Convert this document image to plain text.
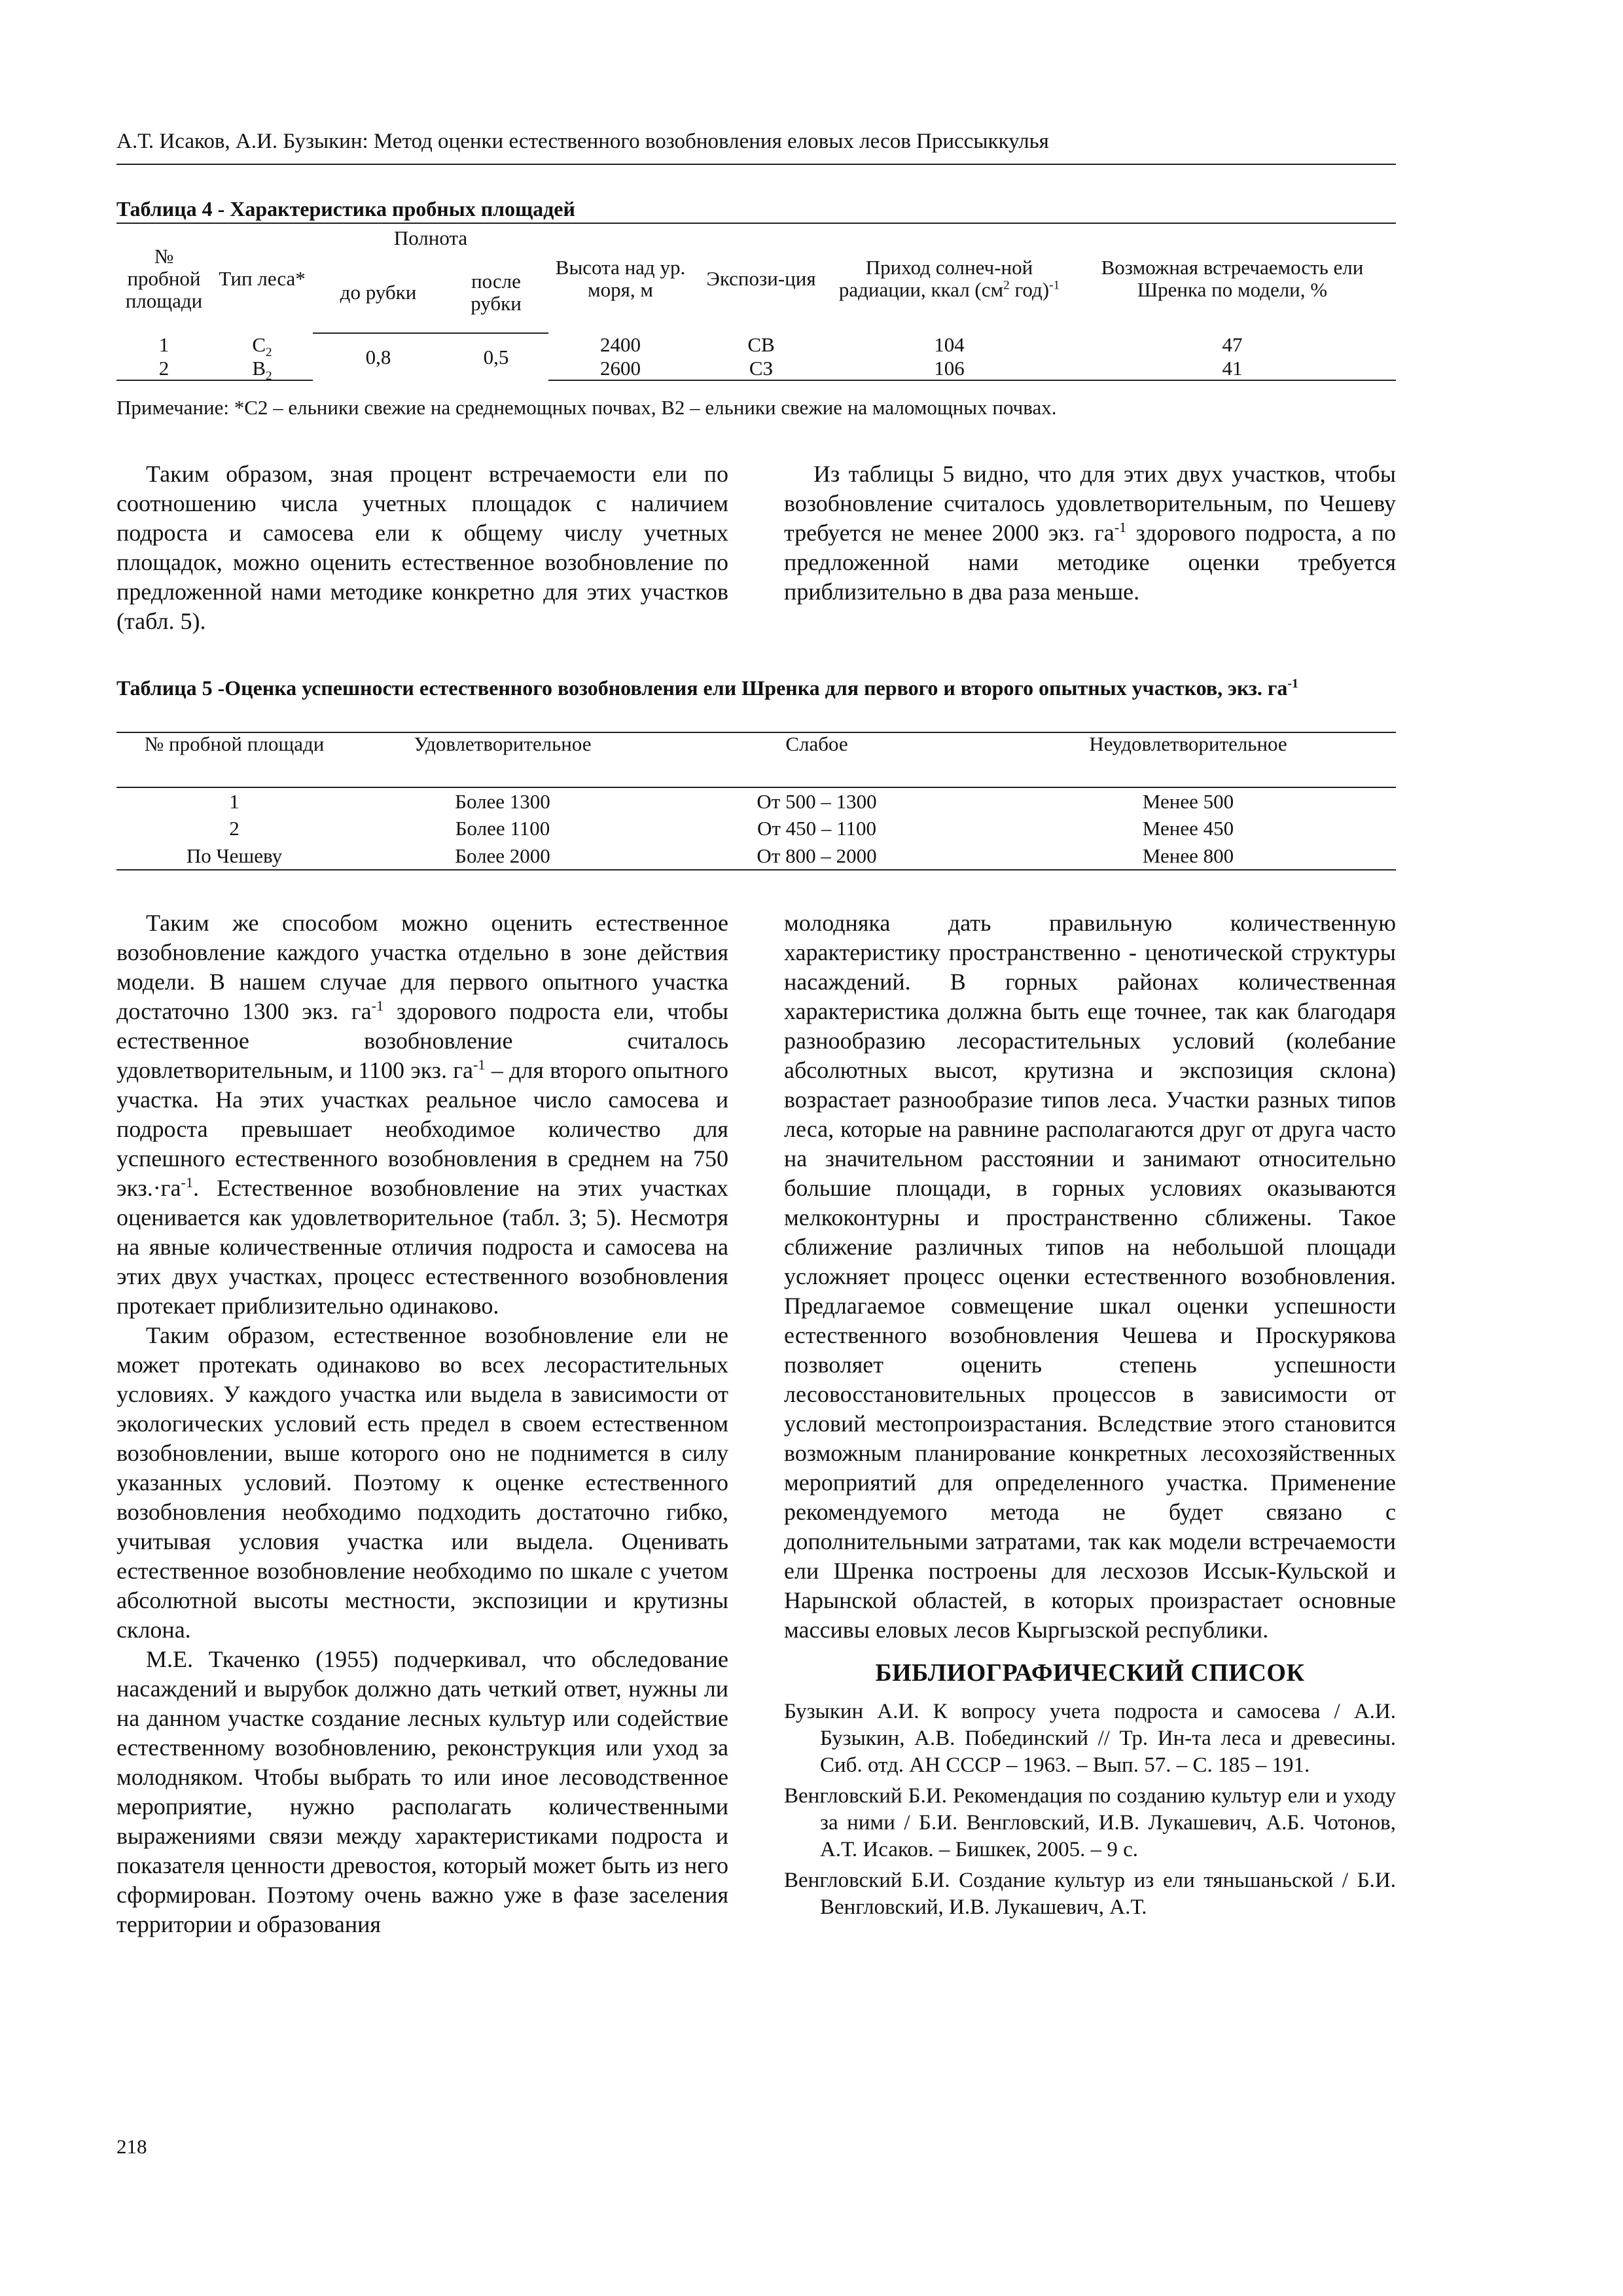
А.Т. Исаков, А.И. Бузыкин: Метод оценки естественного возобновления еловых лесов Приссыккулья
Таблица 4 - Характеристика пробных площадей
№ пробной площади	Тип леса*	Полнота		Высота над ур. моря, м	Экспози-ция	Приход солнеч-ной радиации, ккал ($см^2$ год)$^{-1}$	Возможная встречаемость ели Шренка по модели, %
		до рубки	после рубки				
1	$С_2$	0,8	0,5	2400	СВ	104	47
2	$В_2$			2600	СЗ	106	41
Примечание: *С2 – ельники свежие на среднемощных почвах, В2 – ельники свежие на маломощных почвах.

Таким образом, зная процент встречаемости ели по соотношению числа учетных площадок с наличием подроста и самосева ели к общему числу учетных площадок, можно оценить естественное возобновление по предложенной нами методике конкретно для этих участков (табл. 5).

Из таблицы 5 видно, что для этих двух участков, чтобы возобновление считалось удовлетворительным, по Чешеву требуется не менее 2000 экз. $га^{-1}$ здорового подроста, а по предложенной нами методике оценки требуется приблизительно в два раза меньше.

Таблица 5 -Оценка успешности естественного возобновления ели Шренка для первого и второго опытных участков, экз. $га^{-1}$
№ пробной площади	Удовлетворительное	Слабое	Неудовлетворительное
1	Более 1300	От 500 – 1300	Менее 500
2	Более 1100	От 450 – 1100	Менее 450
По Чешеву	Более 2000	От 800 – 2000	Менее 800

Таким же способом можно оценить естественное возобновление каждого участка отдельно в зоне действия модели. В нашем случае для первого опытного участка достаточно 1300 экз. $га^{-1}$ здорового подроста ели, чтобы естественное возобновление считалось удовлетворительным, и 1100 экз. $га^{-1}$ – для второго опытного участка. На этих участках реальное число самосева и подроста превышает необходимое количество для успешного естественного возобновления в среднем на 750 $экз.\cdot га^{-1}$. Естественное возобновление на этих участках оценивается как удовлетворительное (табл. 3; 5). Несмотря на явные количественные отличия подроста и самосева на этих двух участках, процесс естественного возобновления протекает приблизительно одинаково.

Таким образом, естественное возобновление ели не может протекать одинаково во всех лесорастительных условиях. У каждого участка или выдела в зависимости от экологических условий есть предел в своем естественном возобновлении, выше которого оно не поднимется в силу указанных условий. Поэтому к оценке естественного возобновления необходимо подходить достаточно гибко, учитывая условия участка или выдела. Оценивать естественное возобновление необходимо по шкале с учетом абсолютной высоты местности, экспозиции и крутизны склона.

М.Е. Ткаченко (1955) подчеркивал, что обследование насаждений и вырубок должно дать четкий ответ, нужны ли на данном участке создание лесных культур или содействие естественному возобновлению, реконструкция или уход за молодняком. Чтобы выбрать то или иное лесоводственное мероприятие, нужно располагать количественными выражениями связи между характеристиками подроста и показателя ценности древостоя, который может быть из него сформирован. Поэтому очень важно уже в фазе заселения территории и образования

молодняка дать правильную количественную характеристику пространственно - ценотической структуры насаждений. В горных районах количественная характеристика должна быть еще точнее, так как благодаря разнообразию лесорастительных условий (колебание абсолютных высот, крутизна и экспозиция склона) возрастает разнообразие типов леса. Участки разных типов леса, которые на равнине располагаются друг от друга часто на значительном расстоянии и занимают относительно большие площади, в горных условиях оказываются мелкоконтурны и пространственно сближены. Такое сближение различных типов на небольшой площади усложняет процесс оценки естественного возобновления. Предлагаемое совмещение шкал оценки успешности естественного возобновления Чешева и Проскурякова позволяет оценить степень успешности лесовосстановительных процессов в зависимости от условий местопроизрастания. Вследствие этого становится возможным планирование конкретных лесохозяйственных мероприятий для определенного участка. Применение рекомендуемого метода не будет связано с дополнительными затратами, так как модели встречаемости ели Шренка построены для лесхозов Иссык-Кульской и Нарынской областей, в которых произрастает основные массивы еловых лесов Кыргызской республики.

БИБЛИОГРАФИЧЕСКИЙ СПИСОК
Бузыкин А.И. К вопросу учета подроста и самосева / А.И. Бузыкин, А.В. Побединский // Тр. Ин-та леса и древесины. Сиб. отд. АН СССР – 1963. – Вып. 57. – С. 185 – 191.
Венгловский Б.И. Рекомендация по созданию культур ели и уходу за ними / Б.И. Венгловский, И.В. Лукашевич, А.Б. Чотонов, А.Т. Исаков. – Бишкек, 2005. – 9 с.
Венгловский Б.И. Создание культур из ели тяньшаньской / Б.И. Венгловский, И.В. Лукашевич, А.Т.
218
